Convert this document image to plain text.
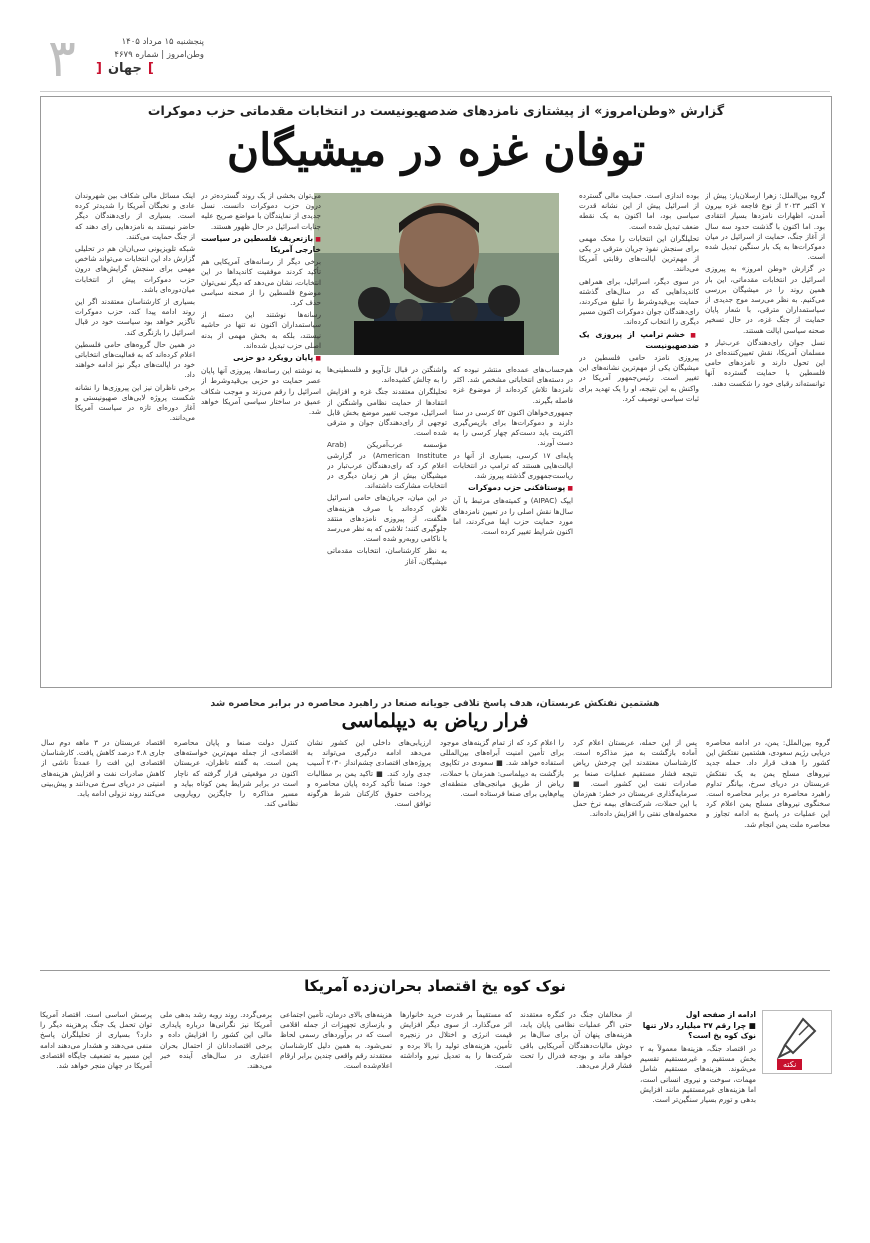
۳	پنجشنبه ۱۵ مرداد ۱۴۰۵
وطن‌امروز | شماره ۴۶۷۹
]جهان[
گزارش «وطن‌امروز» از پیشتازی نامزدهای ضدصهیونیست در انتخابات مقدماتی حزب دموکرات
توفان غزه در میشیگان

گروه بین‌الملل: زهرا ارسلان‌یار: پیش از ۷ اکتبر ۲۰۲۳ از نوع فاجعه غزه بیرون آمدن، اظهارات نامزدها بسیار انتقادی بود. اما اکنون با گذشت حدود سه سال از آغاز جنگ، حمایت از اسرائیل در میان دموکرات‌ها به یک بار سنگین تبدیل شده است.

در گزارش «وطن امروز» به پیروزی اسرائیل در انتخابات مقدماتی، این بار همین روند را در میشیگان بررسی می‌کنیم. به نظر می‌رسد موج جدیدی از سیاستمداران مترقی، با شعار پایان حمایت از جنگ غزه، در حال تسخیر صحنه سیاسی ایالت هستند.

نسل جوان رای‌دهندگان عرب‌تبار و مسلمان آمریکا، نقش تعیین‌کننده‌ای در این تحول دارند و نامزدهای حامی فلسطین با حمایت گسترده آنها توانسته‌اند رقبای خود را شکست دهند.

بوده اندازی است. حمایت مالی گسترده از اسرائیل پیش از این نشانه قدرت سیاسی بود، اما اکنون به یک نقطه ضعف تبدیل شده است.

تحلیلگران این انتخابات را محک مهمی برای سنجش نفوذ جریان مترقی در یکی از مهم‌ترین ایالت‌های رقابتی آمریکا می‌دانند.

در سوی دیگر، اسرائیل، برای همراهی کاندیداهایی که در سال‌های گذشته حمایت بی‌قیدوشرط را تبلیغ می‌کردند، رای‌دهندگان جوان دموکرات اکنون مسیر دیگری را انتخاب کرده‌اند.

■ خشم ترامپ از پیروزی یک ضدصهیونیست

پیروزی نامزد حامی فلسطین در میشیگان یکی از مهم‌ترین نشانه‌های این تغییر است. رئیس‌جمهور آمریکا در واکنش به این نتیجه، او را یک تهدید برای ثبات سیاسی توصیف کرد.

هم‌حساب‌های عمده‌ای منتشر نبوده که در دسته‌های انتخاباتی مشخص شد. اکثر نامزدها تلاش کرده‌اند از موضوع غزه فاصله بگیرند.

جمهوری‌خواهان اکنون ۵۲ کرسی در سنا دارند و دموکرات‌ها برای بازپس‌گیری اکثریت باید دست‌کم چهار کرسی را به دست آورند.

پایه‌ای ۱۷ کرسی، بسیاری از آنها در ایالت‌هایی هستند که ترامپ در انتخابات ریاست‌جمهوری گذشته پیروز شد.

■ پوستافکنی حزب دموکرات

ایپک (AIPAC) و کمیته‌های مرتبط با آن سال‌ها نقش اصلی را در تعیین نامزدهای مورد حمایت حزب ایفا می‌کردند، اما اکنون شرایط تغییر کرده است.

واشنگتن در قبال تل‌آویو و فلسطینی‌ها را به چالش کشیده‌اند.

تحلیلگران معتقدند جنگ غزه و افزایش انتقادها از حمایت نظامی واشنگتن از اسرائیل، موجب تغییر موضع بخش قابل توجهی از رای‌دهندگان جوان و مترقی شده است.

مؤسسه عرب‌آمریکن (Arab American Institute) در گزارشی اعلام کرد که رای‌دهندگان عرب‌تبار در میشیگان بیش از هر زمان دیگری در انتخابات مشارکت داشته‌اند.

در این میان، جریان‌های حامی اسرائیل تلاش کرده‌اند با صرف هزینه‌های هنگفت، از پیروزی نامزدهای منتقد جلوگیری کنند؛ تلاشی که به نظر می‌رسد با ناکامی روبه‌رو شده است.

به نظر کارشناسان، انتخابات مقدماتی میشیگان، آغاز

می‌توان بخشی از یک روند گسترده‌تر در درون حزب دموکرات دانست. نسل جدیدی از نمایندگان با مواضع صریح علیه جنایات اسرائیل در حال ظهور هستند.

■ بازتعریف فلسطین در سیاست خارجی آمریکا

برخی دیگر از رسانه‌های آمریکایی هم تأکید کردند موفقیت کاندیداها در این انتخابات، نشان می‌دهد که دیگر نمی‌توان موضوع فلسطین را از صحنه سیاسی حذف کرد.

رسانه‌ها نوشتند این دسته از سیاستمداران اکنون نه تنها در حاشیه نیستند، بلکه به بخش مهمی از بدنه اصلی حزب تبدیل شده‌اند.

■ پایان رویکرد دو حزبی

به نوشته این رسانه‌ها، پیروزی آنها پایان عصر حمایت دو حزبی بی‌قیدوشرط از اسرائیل را رقم می‌زند و موجب شکاف عمیق در ساختار سیاسی آمریکا خواهد شد.

اینک مسائل مالی شکاف بین شهروندان عادی و نخبگان آمریکا را شدیدتر کرده است. بسیاری از رای‌دهندگان دیگر حاضر نیستند به نامزدهایی رای دهند که از جنگ حمایت می‌کنند.

شبکه تلویزیونی سی‌ان‌ان هم در تحلیلی گزارش داد این انتخابات می‌تواند شاخص مهمی برای سنجش گرایش‌های درون حزب دموکرات پیش از انتخابات میان‌دوره‌ای باشد.

بسیاری از کارشناسان معتقدند اگر این روند ادامه پیدا کند، حزب دموکرات ناگزیر خواهد بود سیاست خود در قبال اسرائیل را بازنگری کند.

در همین حال گروه‌های حامی فلسطین اعلام کرده‌اند که به فعالیت‌های انتخاباتی خود در ایالت‌های دیگر نیز ادامه خواهند داد.

برخی ناظران نیز این پیروزی‌ها را نشانه شکست پروژه لابی‌های صهیونیستی و آغاز دوره‌ای تازه در سیاست آمریکا می‌دانند.

هشتمین نفتکش عربستان، هدف پاسخ تلافی جویانه صنعا در راهبرد محاصره در برابر محاصره شد
فرار ریاض به دیپلماسی
گروه بین‌الملل: یمن، در ادامه محاصره دریایی رژیم سعودی، هشتمین نفتکش این کشور را هدف قرار داد. حمله جدید نیروهای مسلح یمن به یک نفتکش عربستان در دریای سرخ، بیانگر تداوم راهبرد محاصره در برابر محاصره است. سخنگوی نیروهای مسلح یمن اعلام کرد این عملیات در پاسخ به ادامه تجاوز و محاصره ملت یمن انجام شد.
پس از این حمله، عربستان اعلام کرد آماده بازگشت به میز مذاکره است. کارشناسان معتقدند این چرخش ریاض نتیجه فشار مستقیم عملیات صنعا بر صادرات نفت این کشور است. ■ سرمایه‌گذاری عربستان در خطر: هم‌زمان با این حملات، شرکت‌های بیمه نرخ حمل محموله‌های نفتی را افزایش داده‌اند.
را اعلام کرد که از تمام گزینه‌های موجود برای تأمین امنیت آبراه‌های بین‌المللی استفاده خواهد شد. ■ سعودی در تکاپوی بازگشت به دیپلماسی: همزمان با حملات، ریاض از طریق میانجی‌های منطقه‌ای پیام‌هایی برای صنعا فرستاده است.
ارزیابی‌های داخلی این کشور نشان می‌دهد ادامه درگیری می‌تواند به پروژه‌های اقتصادی چشم‌انداز ۲۰۳۰ آسیب جدی وارد کند. ■ تاکید یمن بر مطالبات خود: صنعا تأکید کرده پایان محاصره و پرداخت حقوق کارکنان شرط هرگونه توافق است.
کنترل دولت صنعا و پایان محاصره اقتصادی، از جمله مهم‌ترین خواسته‌های یمن است. به گفته ناظران، عربستان اکنون در موقعیتی قرار گرفته که ناچار است در برابر شرایط یمن کوتاه بیاید و مسیر مذاکره را جایگزین رویارویی نظامی کند.
اقتصاد عربستان در ۳ ماهه دوم سال جاری ۴.۸ درصد کاهش یافت. کارشناسان اقتصادی این افت را عمدتاً ناشی از کاهش صادرات نفت و افزایش هزینه‌های امنیتی در دریای سرخ می‌دانند و پیش‌بینی می‌کنند روند نزولی ادامه یابد.
نوک کوه یخ اقتصاد بحران‌زده آمریکا
نکته
ادامه از صفحه اول
■ چرا رقم ۳۷ میلیارد دلار تنها نوک کوه یخ است؟
در اقتصاد جنگ، هزینه‌ها معمولاً به ۲ بخش مستقیم و غیرمستقیم تقسیم می‌شوند. هزینه‌های مستقیم شامل مهمات، سوخت و نیروی انسانی است، اما هزینه‌های غیرمستقیم مانند افزایش بدهی و تورم بسیار سنگین‌تر است.
از مخالفان جنگ در کنگره معتقدند حتی اگر عملیات نظامی پایان یابد، هزینه‌های پنهان آن برای سال‌ها بر دوش مالیات‌دهندگان آمریکایی باقی خواهد ماند و بودجه فدرال را تحت فشار قرار می‌دهد.
که مستقیماً بر قدرت خرید خانوارها اثر می‌گذارد. از سوی دیگر افزایش قیمت انرژی و اختلال در زنجیره تأمین، هزینه‌های تولید را بالا برده و شرکت‌ها را به تعدیل نیرو واداشته است.
هزینه‌های بالای درمان، تأمین اجتماعی و بازسازی تجهیزات از جمله اقلامی است که در برآوردهای رسمی لحاظ نمی‌شود. به همین دلیل کارشناسان معتقدند رقم واقعی چندین برابر ارقام اعلام‌شده است.
برمی‌گردد. روند روبه رشد بدهی ملی آمریکا نیز نگرانی‌ها درباره پایداری مالی این کشور را افزایش داده و برخی اقتصاددانان از احتمال بحران اعتباری در سال‌های آینده خبر می‌دهند.
پرسش اساسی است. اقتصاد آمریکا توان تحمل یک جنگ پرهزینه دیگر را دارد؟ بسیاری از تحلیلگران پاسخ منفی می‌دهند و هشدار می‌دهند ادامه این مسیر به تضعیف جایگاه اقتصادی آمریکا در جهان منجر خواهد شد.
